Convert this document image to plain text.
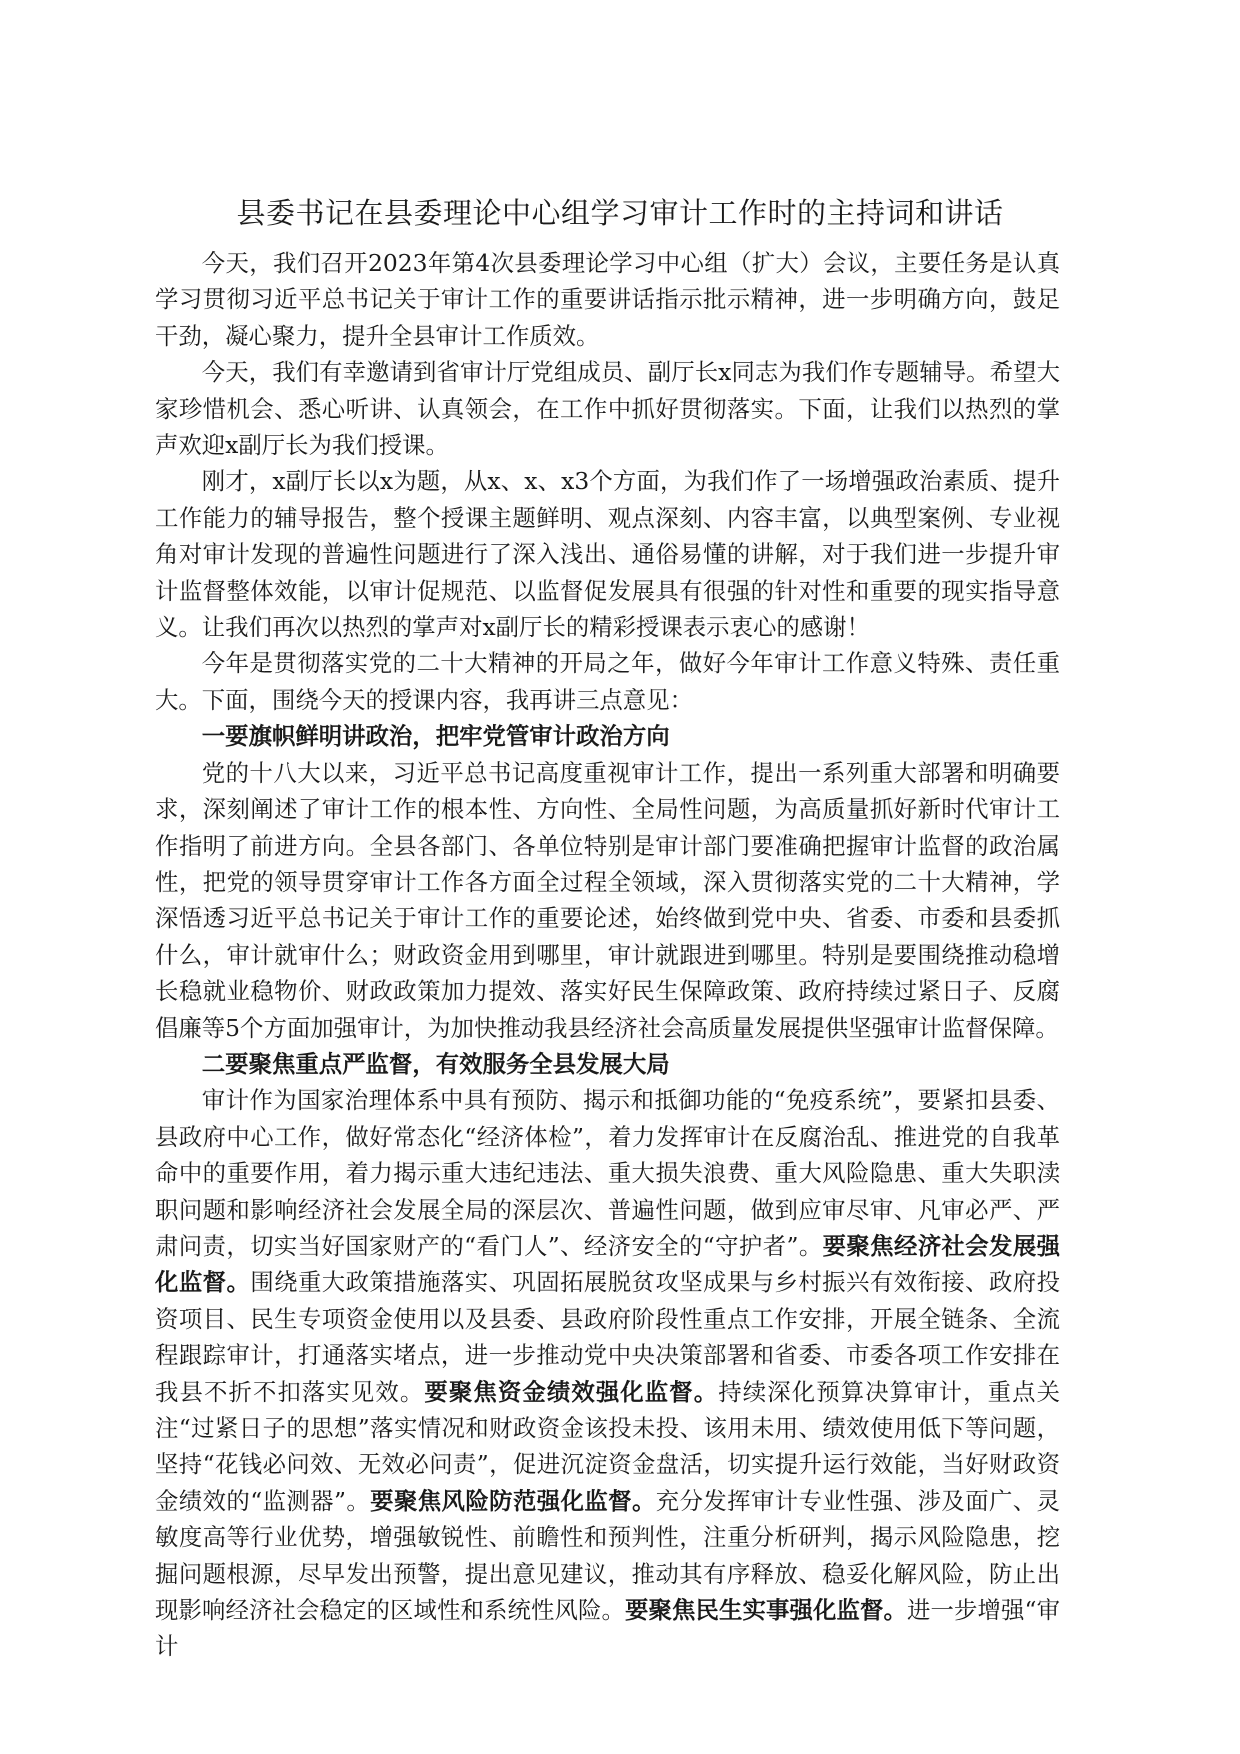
县委书记在县委理论中心组学习审计工作时的主持词和讲话

今天，我们召开2023年第4次县委理论学习中心组（扩大）会议，主要任务是认真学习贯彻习近平总书记关于审计工作的重要讲话指示批示精神，进一步明确方向，鼓足干劲，凝心聚力，提升全县审计工作质效。

今天，我们有幸邀请到省审计厅党组成员、副厅长x同志为我们作专题辅导。希望大家珍惜机会、悉心听讲、认真领会，在工作中抓好贯彻落实。下面，让我们以热烈的掌声欢迎x副厅长为我们授课。

刚才，x副厅长以x为题，从x、x、x3个方面，为我们作了一场增强政治素质、提升工作能力的辅导报告，整个授课主题鲜明、观点深刻、内容丰富，以典型案例、专业视角对审计发现的普遍性问题进行了深入浅出、通俗易懂的讲解，对于我们进一步提升审计监督整体效能，以审计促规范、以监督促发展具有很强的针对性和重要的现实指导意义。让我们再次以热烈的掌声对x副厅长的精彩授课表示衷心的感谢！

今年是贯彻落实党的二十大精神的开局之年，做好今年审计工作意义特殊、责任重大。下面，围绕今天的授课内容，我再讲三点意见：

一要旗帜鲜明讲政治，把牢党管审计政治方向

党的十八大以来，习近平总书记高度重视审计工作，提出一系列重大部署和明确要求，深刻阐述了审计工作的根本性、方向性、全局性问题，为高质量抓好新时代审计工作指明了前进方向。全县各部门、各单位特别是审计部门要准确把握审计监督的政治属性，把党的领导贯穿审计工作各方面全过程全领域，深入贯彻落实党的二十大精神，学深悟透习近平总书记关于审计工作的重要论述，始终做到党中央、省委、市委和县委抓什么，审计就审什么；财政资金用到哪里，审计就跟进到哪里。特别是要围绕推动稳增长稳就业稳物价、财政政策加力提效、落实好民生保障政策、政府持续过紧日子、反腐倡廉等5个方面加强审计，为加快推动我县经济社会高质量发展提供坚强审计监督保障。

二要聚焦重点严监督，有效服务全县发展大局

审计作为国家治理体系中具有预防、揭示和抵御功能的“免疫系统”，要紧扣县委、县政府中心工作，做好常态化“经济体检”，着力发挥审计在反腐治乱、推进党的自我革命中的重要作用，着力揭示重大违纪违法、重大损失浪费、重大风险隐患、重大失职渎职问题和影响经济社会发展全局的深层次、普遍性问题，做到应审尽审、凡审必严、严肃问责，切实当好国家财产的“看门人”、经济安全的“守护者”。要聚焦经济社会发展强化监督。围绕重大政策措施落实、巩固拓展脱贫攻坚成果与乡村振兴有效衔接、政府投资项目、民生专项资金使用以及县委、县政府阶段性重点工作安排，开展全链条、全流程跟踪审计，打通落实堵点，进一步推动党中央决策部署和省委、市委各项工作安排在我县不折不扣落实见效。要聚焦资金绩效强化监督。持续深化预算决算审计，重点关注“过紧日子的思想”落实情况和财政资金该投未投、该用未用、绩效使用低下等问题，坚持“花钱必问效、无效必问责”，促进沉淀资金盘活，切实提升运行效能，当好财政资金绩效的“监测器”。要聚焦风险防范强化监督。充分发挥审计专业性强、涉及面广、灵敏度高等行业优势，增强敏锐性、前瞻性和预判性，注重分析研判，揭示风险隐患，挖掘问题根源，尽早发出预警，提出意见建议，推动其有序释放、稳妥化解风险，防止出现影响经济社会稳定的区域性和系统性风险。要聚焦民生实事强化监督。进一步增强“审计
